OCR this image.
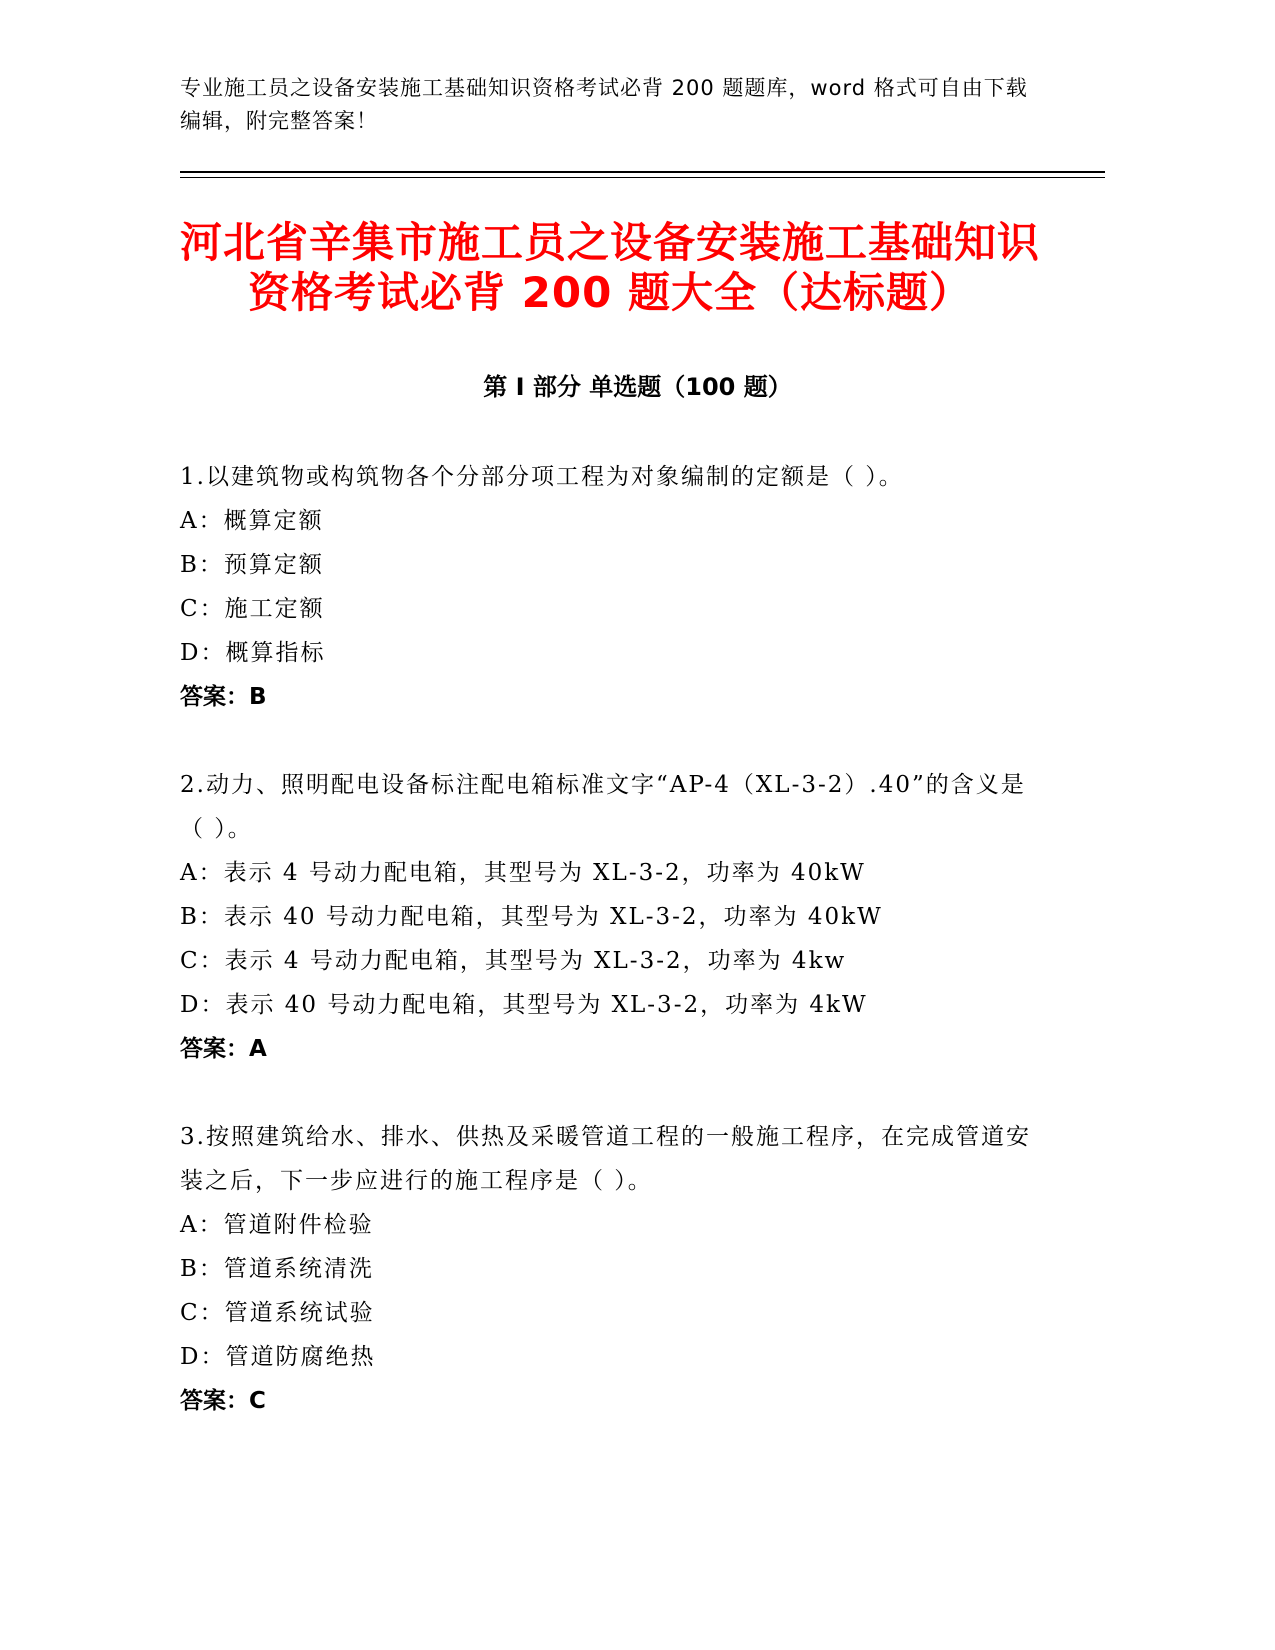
专业施工员之设备安装施工基础知识资格考试必背 200 题题库，word 格式可自由下载编辑，附完整答案！
河北省辛集市施工员之设备安装施工基础知识资格考试必背 200 题大全（达标题）
第 I 部分 单选题（100 题）
1.以建筑物或构筑物各个分部分项工程为对象编制的定额是（ ）。
A：概算定额
B：预算定额
C：施工定额
D：概算指标
答案：B
2.动力、照明配电设备标注配电箱标准文字“AP-4（XL-3-2）.40”的含义是（ ）。
A：表示 4 号动力配电箱，其型号为 XL-3-2，功率为 40kW
B：表示 40 号动力配电箱，其型号为 XL-3-2，功率为 40kW
C：表示 4 号动力配电箱，其型号为 XL-3-2，功率为 4kw
D：表示 40 号动力配电箱，其型号为 XL-3-2，功率为 4kW
答案：A
3.按照建筑给水、排水、供热及采暖管道工程的一般施工程序，在完成管道安装之后，下一步应进行的施工程序是（ ）。
A：管道附件检验
B：管道系统清洗
C：管道系统试验
D：管道防腐绝热
答案：C
